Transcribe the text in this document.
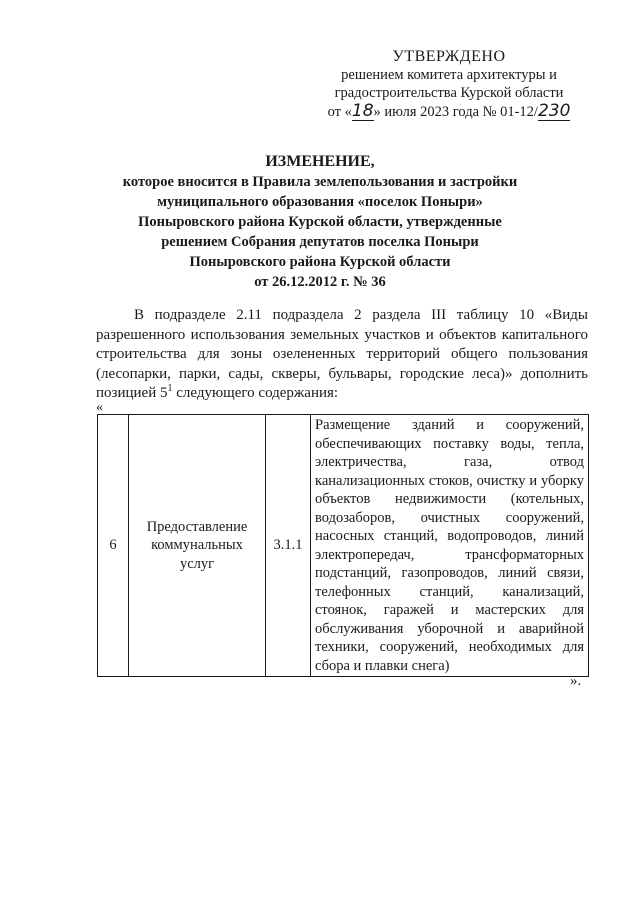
УТВЕРЖДЕНО
решением комитета архитектуры и
градостроительства Курской области
от «18» июля 2023 года № 01-12/230
ИЗМЕНЕНИЕ,
которое вносится в Правила землепользования и застройки
муниципального образования «поселок Поныри»
Поныровского района Курской области, утвержденные
решением Собрания депутатов поселка Поныри
Поныровского района Курской области
от 26.12.2012 г. № 36
В подразделе 2.11 подраздела 2 раздела III таблицу 10 «Виды разрешенного использования земельных участков и объектов капитального строительства для зоны озелененных территорий общего пользования (лесопарки, парки, сады, скверы, бульвары, городские леса)» дополнить позицией $5^1$ следующего содержания:
«
6	Предоставление коммунальных услуг	3.1.1	Размещение зданий и сооружений, обеспечивающих поставку воды, тепла, электричества, газа, отвод канализационных стоков, очистку и уборку объектов недвижимости (котельных, водозаборов, очистных сооружений, насосных станций, водопроводов, линий электропередач, трансформаторных подстанций, газопроводов, линий связи, телефонных станций, канализаций, стоянок, гаражей и мастерских для обслуживания уборочной и аварийной техники, сооружений, необходимых для сбора и плавки снега)
».
